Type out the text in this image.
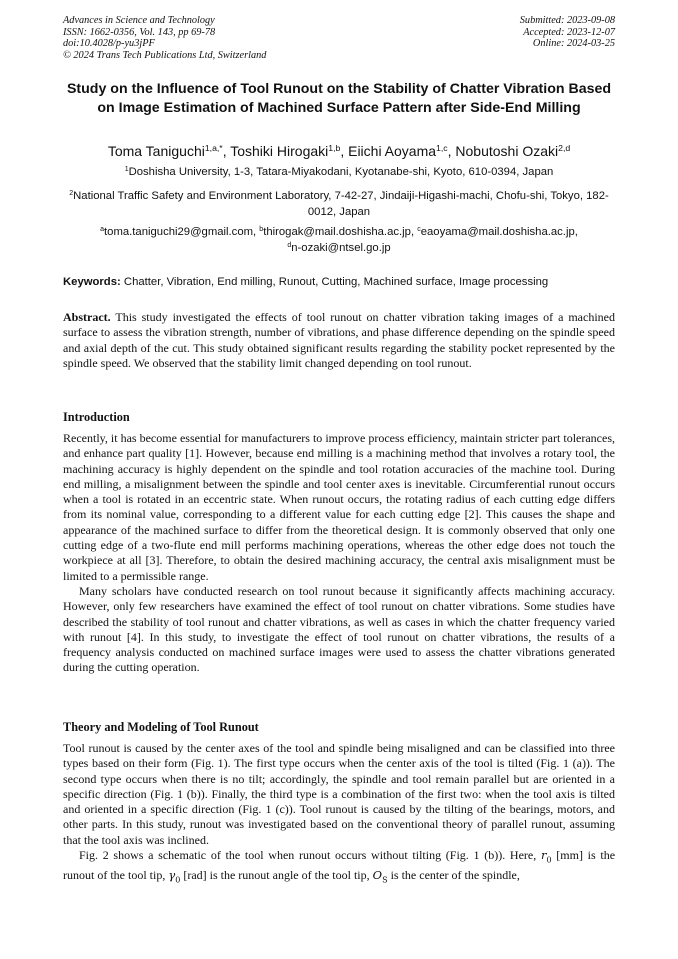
Advances in Science and Technology
ISSN: 1662-0356, Vol. 143, pp 69-78
doi:10.4028/p-yu3jPF
© 2024 Trans Tech Publications Ltd, Switzerland
Submitted: 2023-09-08
Accepted: 2023-12-07
Online: 2024-03-25
Study on the Influence of Tool Runout on the Stability of Chatter Vibration Based on Image Estimation of Machined Surface Pattern after Side-End Milling
Toma Taniguchi$^{1,a,*}$, Toshiki Hirogaki$^{1,b}$, Eiichi Aoyama$^{1,c}$, Nobutoshi Ozaki$^{2,d}$
$^1$Doshisha University, 1-3, Tatara-Miyakodani, Kyotanabe-shi, Kyoto, 610-0394, Japan
$^2$National Traffic Safety and Environment Laboratory, 7-42-27, Jindaiji-Higashi-machi, Chofu-shi, Tokyo, 182-0012, Japan
$^a$toma.taniguchi29@gmail.com, $^b$thirogak@mail.doshisha.ac.jp, $^c$eaoyama@mail.doshisha.ac.jp,
$^d$n-ozaki@ntsel.go.jp
Keywords: Chatter, Vibration, End milling, Runout, Cutting, Machined surface, Image processing
Abstract. This study investigated the effects of tool runout on chatter vibration taking images of a machined surface to assess the vibration strength, number of vibrations, and phase difference depending on the spindle speed and axial depth of the cut. This study obtained significant results regarding the stability pocket represented by the spindle speed. We observed that the stability limit changed depending on tool runout.
Introduction

Recently, it has become essential for manufacturers to improve process efficiency, maintain stricter part tolerances, and enhance part quality [1]. However, because end milling is a machining method that involves a rotary tool, the machining accuracy is highly dependent on the spindle and tool rotation accuracies of the machine tool. During end milling, a misalignment between the spindle and tool center axes is inevitable. Circumferential runout occurs when a tool is rotated in an eccentric state. When runout occurs, the rotating radius of each cutting edge differs from its nominal value, corresponding to a different value for each cutting edge [2]. This causes the shape and appearance of the machined surface to differ from the theoretical design. It is commonly observed that only one cutting edge of a two-flute end mill performs machining operations, whereas the other edge does not touch the workpiece at all [3]. Therefore, to obtain the desired machining accuracy, the central axis misalignment must be limited to a permissible range.

Many scholars have conducted research on tool runout because it significantly affects machining accuracy. However, only few researchers have examined the effect of tool runout on chatter vibrations. Some studies have described the stability of tool runout and chatter vibrations, as well as cases in which the chatter frequency varied with runout [4]. In this study, to investigate the effect of tool runout on chatter vibrations, the results of a frequency analysis conducted on machined surface images were used to assess the chatter vibrations generated during the cutting operation.

Theory and Modeling of Tool Runout

Tool runout is caused by the center axes of the tool and spindle being misaligned and can be classified into three types based on their form (Fig. 1). The first type occurs when the center axis of the tool is tilted (Fig. 1 (a)). The second type occurs when there is no tilt; accordingly, the spindle and tool remain parallel but are oriented in a specific direction (Fig. 1 (b)). Finally, the third type is a combination of the first two: when the tool axis is tilted and oriented in a specific direction (Fig. 1 (c)). Tool runout is caused by the tilting of the bearings, motors, and other parts. In this study, runout was investigated based on the conventional theory of parallel runout, assuming that the tool axis was inclined.

Fig. 2 shows a schematic of the tool when runout occurs without tilting (Fig. 1 (b)). Here, $r_0$ [mm] is the runout of the tool tip, $\gamma_0$ [rad] is the runout angle of the tool tip, $O_S$ is the center of the spindle,
